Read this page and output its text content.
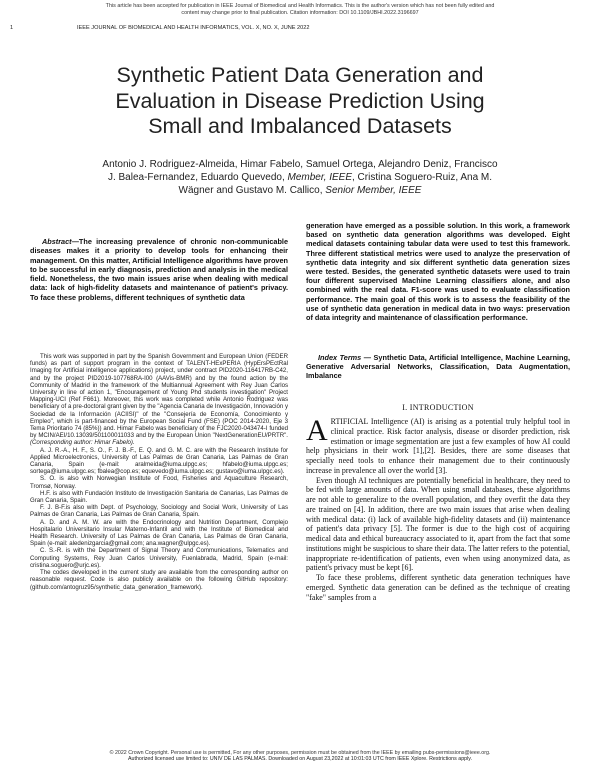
This article has been accepted for publication in IEEE Journal of Biomedical and Health Informatics. This is the author's version which has not been fully edited and
content may change prior to final publication. Citation information: DOI 10.1109/JBHI.2022.3196697
1	IEEE JOURNAL OF BIOMEDICAL AND HEALTH INFORMATICS, VOL. X, NO. X, JUNE 2022
Synthetic Patient Data Generation and
Evaluation in Disease Prediction Using
Small and Imbalanced Datasets
Antonio J. Rodriguez-Almeida, Himar Fabelo, Samuel Ortega, Alejandro Deniz, Francisco
J. Balea-Fernandez, Eduardo Quevedo, Member, IEEE, Cristina Soguero-Ruiz, Ana M.
Wägner and Gustavo M. Callico, Senior Member, IEEE
Abstract—The increasing prevalence of chronic non-communicable diseases makes it a priority to develop tools for enhancing their management. On this matter, Artificial Intelligence algorithms have proven to be successful in early diagnosis, prediction and analysis in the medical field. Nonetheless, the two main issues arise when dealing with medical data: lack of high-fidelity datasets and maintenance of patient's privacy. To face these problems, different techniques of synthetic data
generation have emerged as a possible solution. In this work, a framework based on synthetic data generation algorithms was developed. Eight medical datasets containing tabular data were used to test this framework. Three different statistical metrics were used to analyze the preservation of synthetic data integrity and six different synthetic data generation sizes were tested. Besides, the generated synthetic datasets were used to train four different supervised Machine Learning classifiers alone, and also combined with the real data. F1-score was used to evaluate classification performance. The main goal of this work is to assess the feasibility of the use of synthetic data generation in medical data in two ways: preservation of data integrity and maintenance of classification performance.
Index Terms — Synthetic Data, Artificial Intelligence, Machine Learning, Generative Adversarial Networks, Classification, Data Augmentation, Imbalance

This work was supported in part by the Spanish Government and European Union (FEDER funds) as part of support program in the context of TALENT-HExPERIA (HypErsPEctRal Imaging for Artificial intelligence applications) project, under contract PID2020-116417RB-C42, and by the project PID2019-107768RA-I00 (AAVis-BMR) and by the found action by the Community of Madrid in the framework of the Multiannual Agreement with Rey Juan Carlos University in line of action 1, "Encouragement of Young Phd students investigation" Project Mapping-UCI (Ref F661). Moreover, this work was completed while Antonio Rodriguez was beneficiary of a pre-doctoral grant given by the "Agencia Canaria de Investigación, Innovación y Sociedad de la Información (ACIISI)" of the "Consejería de Economía, Conocimiento y Empleo", which is part-financed by the European Social Fund (FSE) (POC 2014-2020, Eje 3 Tema Prioritario 74 (85%)) and. Himar Fabelo was beneficiary of the FJC2020-043474-I funded by MCIN/AEI/10.13039/501100011033 and by the European Union "NextGenerationEU/PRTR". (Corresponding author: Himar Fabelo).

A. J. R.-A., H. F., S. O., F. J. B.-F., E. Q. and G. M. C. are with the Research Institute for Applied Microelectronics, University of Las Palmas de Gran Canaria, Las Palmas de Gran Canaria, Spain (e-mail: aralmeida@iuma.ulpgc.es; hfabelo@iuma.ulpgc.es; sortega@iuma.ulpgc.es; fbalea@cop.es; equevedo@iuma.ulpgc.es; gustavo@iuma.ulpgc.es).

S. O. is also with Norwegian Institute of Food, Fisheries and Aquaculture Research, Tromsø, Norway.

H.F. is also with Fundación Instituto de Investigación Sanitaria de Canarias, Las Palmas de Gran Canaria, Spain.

F. J. B-F.is also with Dept. of Psychology, Sociology and Social Work, University of Las Palmas de Gran Canaria, Las Palmas de Gran Canaria, Spain.

A. D. and A. M. W. are with the Endocrinology and Nutrition Department, Complejo Hospitalario Universitario Insular Materno-Infantil and with the Institute of Biomedical and Health Research. University of Las Palmas de Gran Canaria, Las Palmas de Gran Canaria, Spain (e-mail: aledenizgarcia@gmail.com; ana.wagner@ulpgc.es).

C. S.-R. is with the Department of Signal Theory and Communications, Telematics and Computing Systems, Rey Juan Carlos University, Fuenlabrada, Madrid, Spain (e-mail: cristina.soguero@urjc.es).

The codes developed in the current study are available from the corresponding author on reasonable request. Code is also publicly available on the following GitHub repository: (github.com/antogruz95/synthetic_data_generation_framework).

I. INTRODUCTION

ARTIFICIAL Intelligence (AI) is arising as a potential truly helpful tool in clinical practice. Risk factor analysis, disease or disorder prediction, risk estimation or image segmentation are just a few examples of how AI could help physicians in their work [1],[2]. Besides, there are some diseases that specially need tools to enhance their management due to their continuously increase in prevalence all over the world [3].

Even though AI techniques are potentially beneficial in healthcare, they need to be fed with large amounts of data. When using small databases, these algorithms are not able to generalize to the overall population, and they overfit the data they are trained on [4]. In addition, there are two main issues that arise when dealing with medical data: (i) lack of available high-fidelity datasets and (ii) maintenance of patient's data privacy [5]. The former is due to the high cost of acquiring medical data and ethical bureaucracy associated to it, apart from the fact that some institutions might be suspicious to share their data. The latter refers to the potential, inappropriate re-identification of patients, even when using anonymized data, as patient's privacy must be kept [6].

To face these problems, different synthetic data generation techniques have emerged. Synthetic data generation can be defined as the technique of creating "fake" samples from a

© 2022 Crown Copyright. Personal use is permitted, For any other purposes, permission must be obtained from the IEEE by emailing pubs-permissions@ieee.org.
Authorized licensed use limited to: UNIV DE LAS PALMAS. Downloaded on August 23,2022 at 10:01:03 UTC from IEEE Xplore. Restrictions apply.
